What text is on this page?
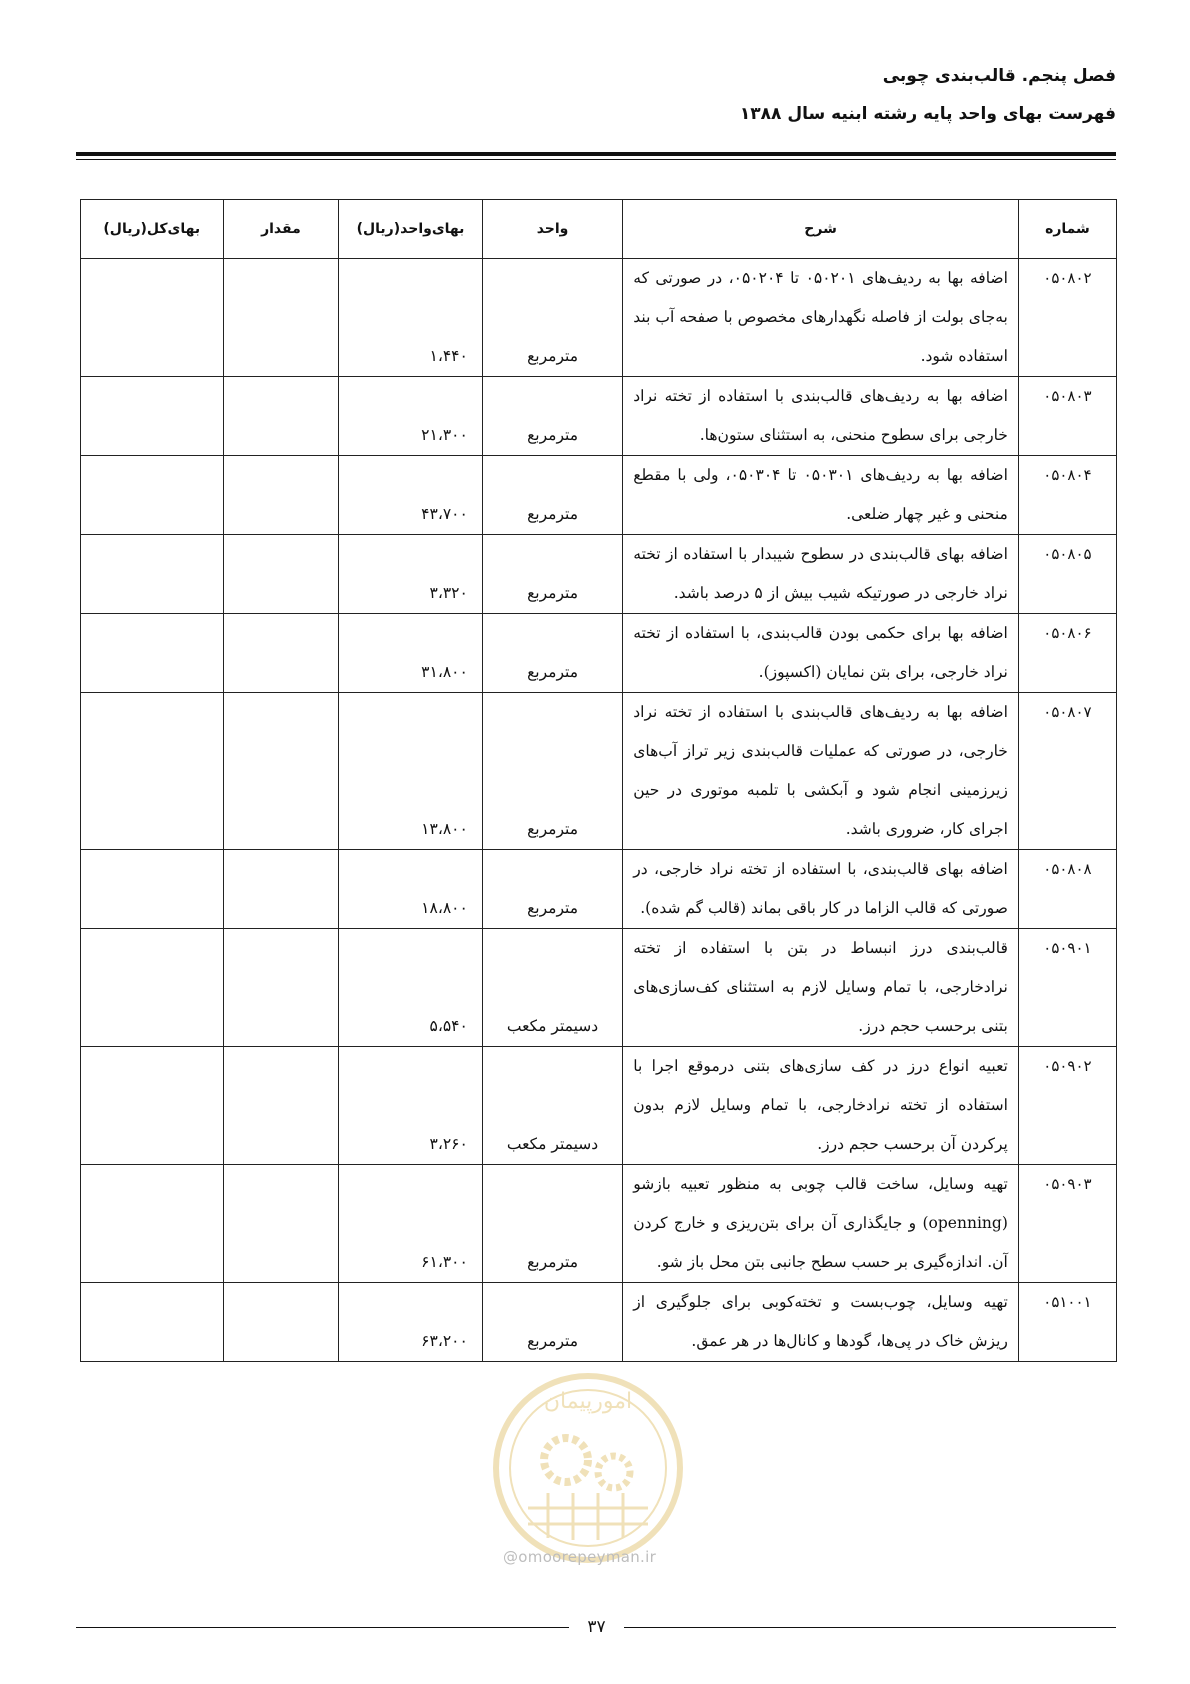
فصل پنجم. قالب‌بندی چوبی

فهرست بهای واحد پایه رشته ابنیه سال ۱۳۸۸

شماره	شرح	واحد	بهای‌واحد(ریال)	مقدار	بهای‌کل(ریال)
۰۵۰۸۰۲	اضافه بها به ردیف‌های ۰۵۰۲۰۱ تا ۰۵۰۲۰۴، در صورتی که به‌جای بولت از فاصله نگهدارهای مخصوص با صفحه آب بند استفاده شود.	مترمربع	۱،۴۴۰		
۰۵۰۸۰۳	اضافه بها به ردیف‌های قالب‌بندی با استفاده از تخته نراد خارجی برای سطوح منحنی، به استثنای ستون‌ها.	مترمربع	۲۱،۳۰۰		
۰۵۰۸۰۴	اضافه بها به ردیف‌های ۰۵۰۳۰۱ تا ۰۵۰۳۰۴، ولی با مقطع منحنی و غیر چهار ضلعی.	مترمربع	۴۳،۷۰۰		
۰۵۰۸۰۵	اضافه بهای قالب‌بندی در سطوح شیبدار با استفاده از تخته نراد خارجی در صورتیکه شیب بیش از ۵ درصد باشد.	مترمربع	۳،۳۲۰		
۰۵۰۸۰۶	اضافه بها برای حکمی بودن قالب‌بندی، با استفاده از تخته نراد خارجی، برای بتن نمایان (اکسپوز).	مترمربع	۳۱،۸۰۰		
۰۵۰۸۰۷	اضافه بها به ردیف‌های قالب‌بندی با استفاده از تخته نراد خارجی، در صورتی که عملیات قالب‌بندی زیر تراز آب‌های زیرزمینی انجام شود و آبکشی با تلمبه موتوری در حین اجرای کار، ضروری باشد.	مترمربع	۱۳،۸۰۰		
۰۵۰۸۰۸	اضافه بهای قالب‌بندی، با استفاده از تخته نراد خارجی، در صورتی که قالب الزاما در کار باقی بماند (قالب گم شده).	مترمربع	۱۸،۸۰۰		
۰۵۰۹۰۱	قالب‌بندی درز انبساط در بتن با استفاده از تخته نرادخارجی، با تمام وسایل لازم به استثنای کف‌سازی‌های بتنی برحسب حجم درز.	دسیمتر مکعب	۵،۵۴۰		
۰۵۰۹۰۲	تعبیه انواع درز در کف سازی‌های بتنی درموقع اجرا با استفاده از تخته نرادخارجی، با تمام وسایل لازم بدون پرکردن آن برحسب حجم درز.	دسیمتر مکعب	۳،۲۶۰		
۰۵۰۹۰۳	تهیه وسایل، ساخت قالب چوبی به منظور تعبیه بازشو (openning) و جایگذاری آن برای بتن‌ریزی و خارج کردن آن. اندازه‌گیری بر حسب سطح جانبی بتن محل باز شو.	مترمربع	۶۱،۳۰۰		
۰۵۱۰۰۱	تهیه وسایل، چوب‌بست و تخته‌کوبی برای جلوگیری از ریزش خاک در پی‌ها، گودها و کانال‌ها در هر عمق.	مترمربع	۶۳،۲۰۰		
امورپیمان
@omoorepeyman.ir
۳۷
